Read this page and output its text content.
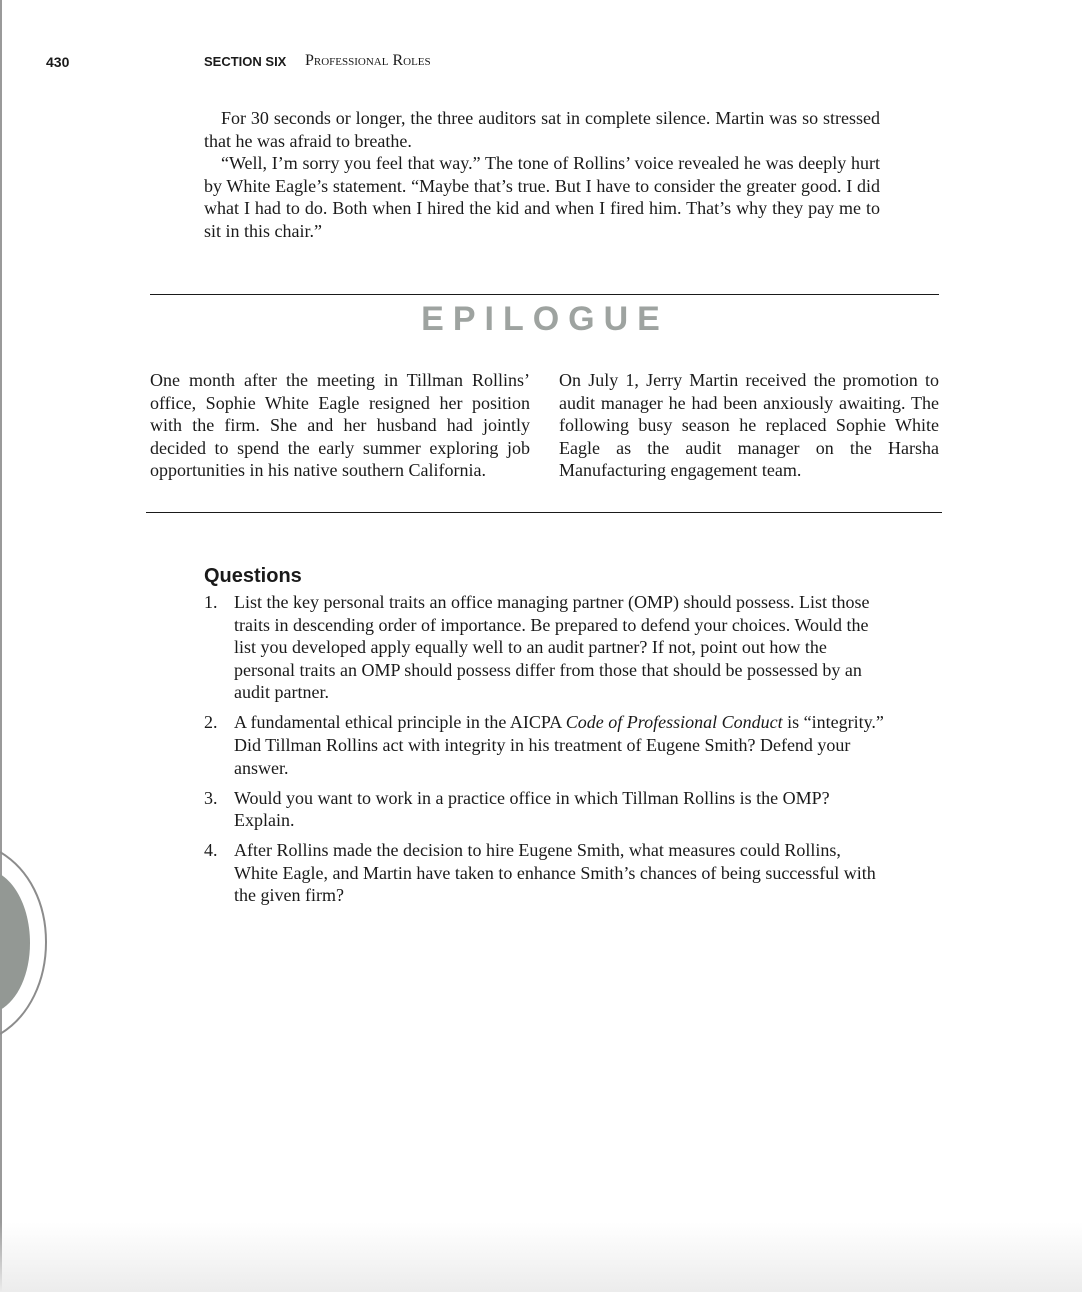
430	SECTION SIX Professional Roles

For 30 seconds or longer, the three auditors sat in complete silence. Martin was so stressed that he was afraid to breathe.

“Well, I’m sorry you feel that way.” The tone of Rollins’ voice revealed he was deeply hurt by White Eagle’s statement. “Maybe that’s true. But I have to consider the greater good. I did what I had to do. Both when I hired the kid and when I fired him. That’s why they pay me to sit in this chair.”

EPILOGUE

One month after the meeting in Tillman Rollins’ office, Sophie White Eagle resigned her position with the firm. She and her husband had jointly decided to spend the early summer exploring job opportunities in his native southern California.

On July 1, Jerry Martin received the promotion to audit manager he had been anxiously awaiting. The following busy season he replaced Sophie White Eagle as the audit manager on the Harsha Manufacturing engagement team.

Questions
1. List the key personal traits an office managing partner (OMP) should possess. List those traits in descending order of importance. Be prepared to defend your choices. Would the list you developed apply equally well to an audit partner? If not, point out how the personal traits an OMP should possess differ from those that should be possessed by an audit partner.

2. A fundamental ethical principle in the AICPA Code of Professional Conduct is “integrity.” Did Tillman Rollins act with integrity in his treatment of Eugene Smith? Defend your answer.

3. Would you want to work in a practice office in which Tillman Rollins is the OMP? Explain.

4. After Rollins made the decision to hire Eugene Smith, what measures could Rollins, White Eagle, and Martin have taken to enhance Smith’s chances of being successful with the given firm?
